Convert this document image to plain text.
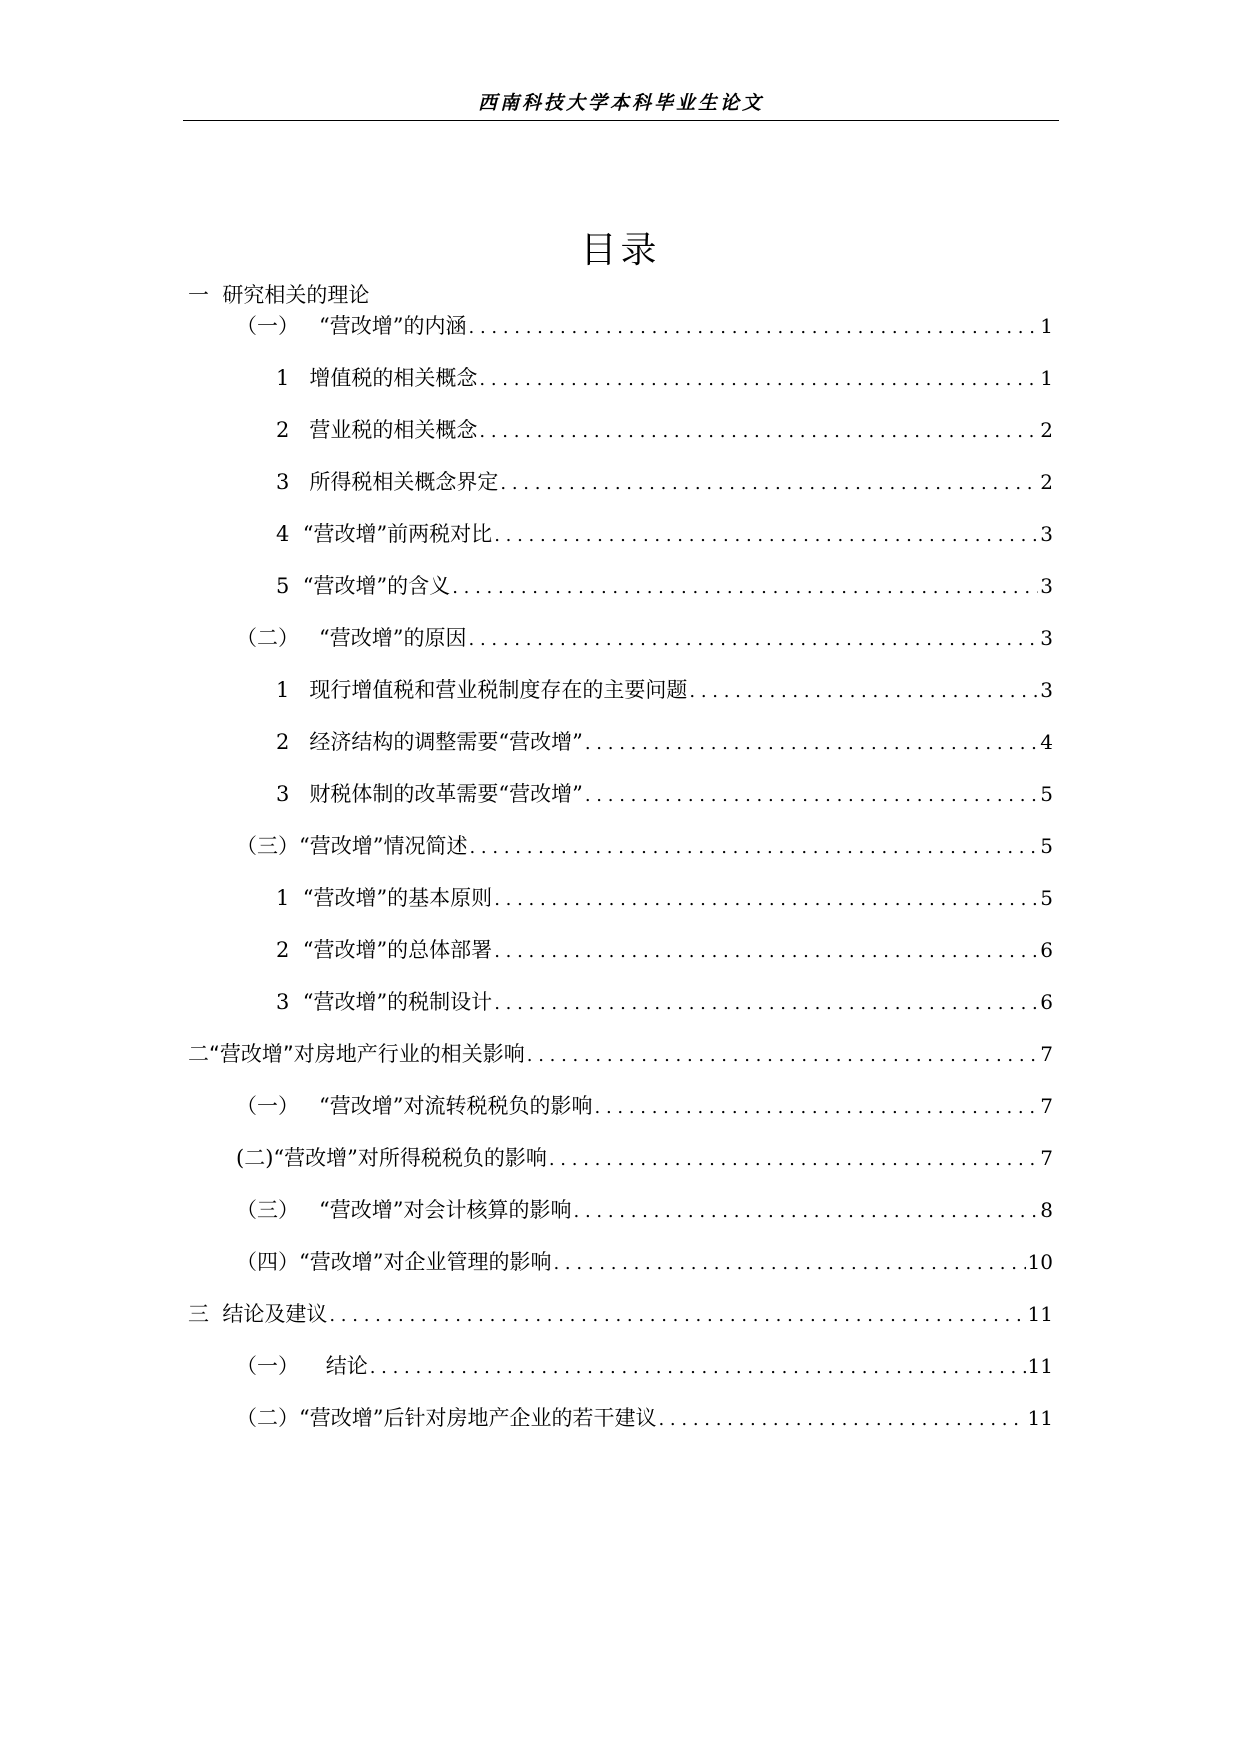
西南科技大学本科毕业生论文
目录
一  研究相关的理论
（一）   “营改增”的内涵 . . .	1
1   增值税的相关概念 . . .	1
2   营业税的相关概念 . . .	2
3   所得税相关概念界定 . . .	2
4  “营改增”前两税对比 . . .	3
5  “营改增”的含义 . . .	3
（二）   “营改增”的原因 . . .	3
1   现行增值税和营业税制度存在的主要问题 . . .	3
2   经济结构的调整需要“营改增” . . .	4
3   财税体制的改革需要“营改增” . . .	5
（三）“营改增”情况简述 . . .	5
1  “营改增”的基本原则 . . .	5
2  “营改增”的总体部署 . . .	6
3  “营改增”的税制设计 . . .	6
二“营改增”对房地产行业的相关影响 . . .	7
（一）   “营改增”对流转税税负的影响 . . .	7
(二)“营改增”对所得税税负的影响 . . .	7
（三）   “营改增”对会计核算的影响 . . .	8
（四）“营改增”对企业管理的影响 . . .	10
三  结论及建议 . . .	11
（一）    结论 . . .	11
（二）“营改增”后针对房地产企业的若干建议 . . .	11
